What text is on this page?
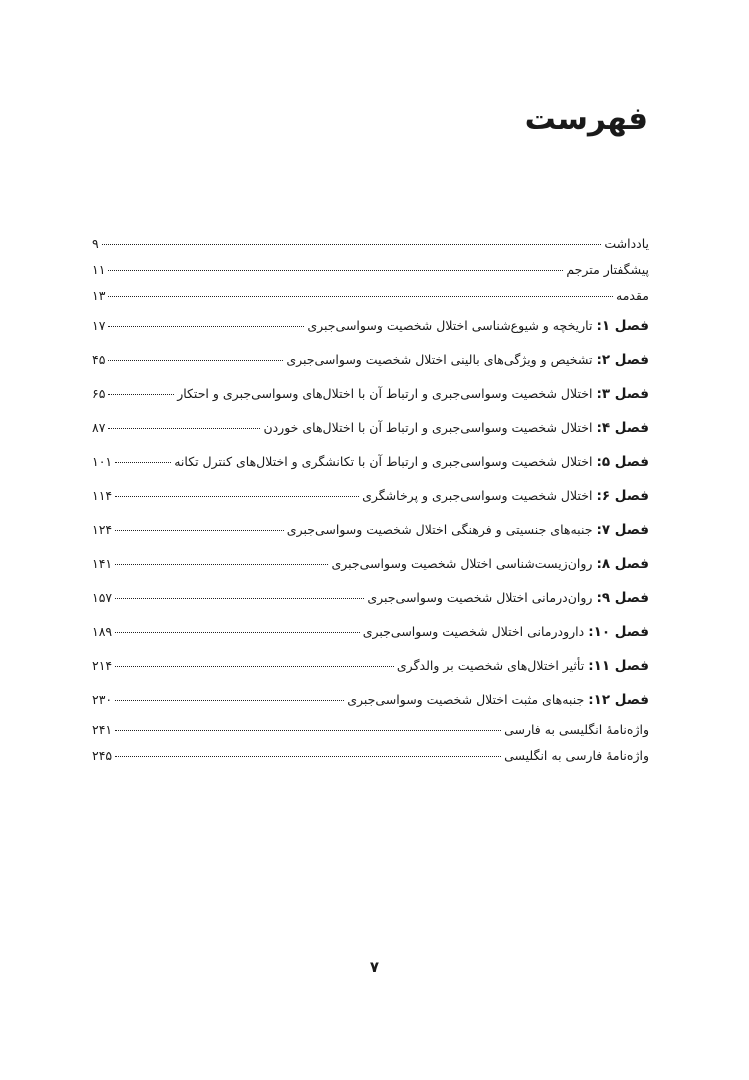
فهرست
یادداشت
۹
پیشگفتار مترجم
۱۱
مقدمه
۱۳
فصل ۱: تاریخچه و شیوع‌شناسی اختلال شخصیت وسواسی‌جبری
۱۷
فصل ۲: تشخیص و ویژگی‌های بالینی اختلال شخصیت وسواسی‌جبری
۴۵
فصل ۳: اختلال شخصیت وسواسی‌جبری و ارتباط آن با اختلال‌های وسواسی‌جبری و احتکار
۶۵
فصل ۴: اختلال شخصیت وسواسی‌جبری و ارتباط آن با اختلال‌های خوردن
۸۷
فصل ۵: اختلال شخصیت وسواسی‌جبری و ارتباط آن با تکانشگری و اختلال‌های کنترل تکانه
۱۰۱
فصل ۶: اختلال شخصیت وسواسی‌جبری و پرخاشگری
۱۱۴
فصل ۷: جنبه‌های جنسیتی و فرهنگی اختلال شخصیت وسواسی‌جبری
۱۲۴
فصل ۸: روان‌زیست‌شناسی اختلال شخصیت وسواسی‌جبری
۱۴۱
فصل ۹: روان‌درمانی اختلال شخصیت وسواسی‌جبری
۱۵۷
فصل ۱۰: دارودرمانی اختلال شخصیت وسواسی‌جبری
۱۸۹
فصل ۱۱: تأثیر اختلال‌های شخصیت بر والدگری
۲۱۴
فصل ۱۲: جنبه‌های مثبت اختلال شخصیت وسواسی‌جبری
۲۳۰
واژه‌نامهٔ انگلیسی به فارسی
۲۴۱
واژه‌نامهٔ فارسی به انگلیسی
۲۴۵
۷
